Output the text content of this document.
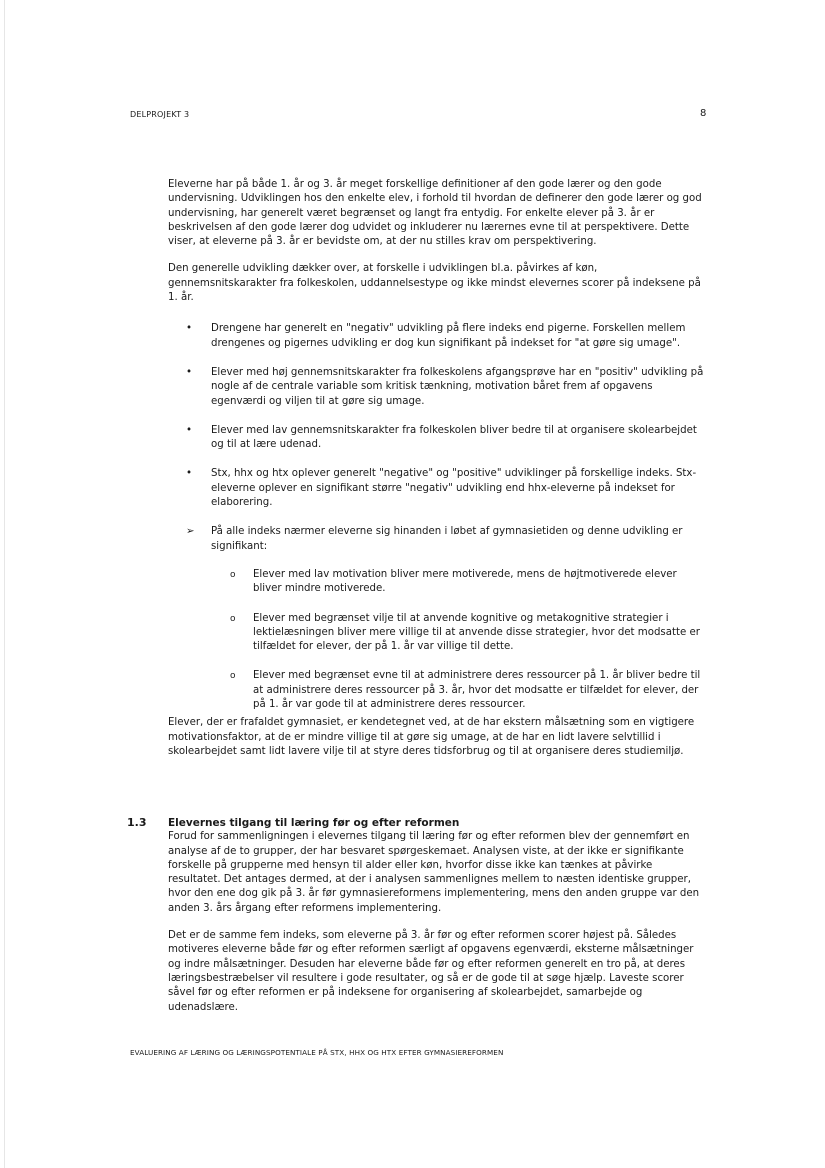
DELPROJEKT 3	8

Eleverne har på både 1. år og 3. år meget forskellige definitioner af den gode lærer og den gode undervisning. Udviklingen hos den enkelte elev, i forhold til hvordan de definerer den gode lærer og god undervisning, har generelt været begrænset og langt fra entydig. For enkelte elever på 3. år er beskrivelsen af den gode lærer dog udvidet og inkluderer nu lærernes evne til at perspektivere. Dette viser, at eleverne på 3. år er bevidste om, at der nu stilles krav om perspektivering.

Den generelle udvikling dækker over, at forskelle i udviklingen bl.a. påvirkes af køn, gennemsnitskarakter fra folkeskolen, uddannelsestype og ikke mindst elevernes scorer på indeksene på 1. år.

• Drengene har generelt en "negativ" udvikling på flere indeks end pigerne. Forskellen mellem drengenes og pigernes udvikling er dog kun signifikant på indekset for "at gøre sig umage".
• Elever med høj gennemsnitskarakter fra folkeskolens afgangsprøve har en "positiv" udvikling på nogle af de centrale variable som kritisk tænkning, motivation båret frem af opgavens egenværdi og viljen til at gøre sig umage.
• Elever med lav gennemsnitskarakter fra folkeskolen bliver bedre til at organisere skolearbejdet og til at lære udenad.
• Stx, hhx og htx oplever generelt "negative" og "positive" udviklinger på forskellige indeks. Stx-eleverne oplever en signifikant større "negativ" udvikling end hhx-eleverne på indekset for elaborering.
➢ På alle indeks nærmer eleverne sig hinanden i løbet af gymnasietiden og denne udvikling er signifikant:
o Elever med lav motivation bliver mere motiverede, mens de højtmotiverede elever bliver mindre motiverede.
o Elever med begrænset vilje til at anvende kognitive og metakognitive strategier i lektielæsningen bliver mere villige til at anvende disse strategier, hvor det modsatte er tilfældet for elever, der på 1. år var villige til dette.
o Elever med begrænset evne til at administrere deres ressourcer på 1. år bliver bedre til at administrere deres ressourcer på 3. år, hvor det modsatte er tilfældet for elever, der på 1. år var gode til at administrere deres ressourcer.

Elever, der er frafaldet gymnasiet, er kendetegnet ved, at de har ekstern målsætning som en vigtigere motivationsfaktor, at de er mindre villige til at gøre sig umage, at de har en lidt lavere selvtillid i skolearbejdet samt lidt lavere vilje til at styre deres tidsforbrug og til at organisere deres studiemiljø.

1.3 Elevernes tilgang til læring før og efter reformen

Forud for sammenligningen i elevernes tilgang til læring før og efter reformen blev der gennemført en analyse af de to grupper, der har besvaret spørgeskemaet. Analysen viste, at der ikke er signifikante forskelle på grupperne med hensyn til alder eller køn, hvorfor disse ikke kan tænkes at påvirke resultatet. Det antages dermed, at der i analysen sammenlignes mellem to næsten identiske grupper, hvor den ene dog gik på 3. år før gymnasiereformens implementering, mens den anden gruppe var den anden 3. års årgang efter reformens implementering.

Det er de samme fem indeks, som eleverne på 3. år før og efter reformen scorer højest på. Således motiveres eleverne både før og efter reformen særligt af opgavens egenværdi, eksterne målsætninger og indre målsætninger. Desuden har eleverne både før og efter reformen generelt en tro på, at deres læringsbestræbelser vil resultere i gode resultater, og så er de gode til at søge hjælp. Laveste scorer såvel før og efter reformen er på indeksene for organisering af skolearbejdet, samarbejde og udenadslære.

EVALUERING AF LÆRING OG LÆRINGSPOTENTIALE PÅ STX, HHX OG HTX EFTER GYMNASIEREFORMEN
